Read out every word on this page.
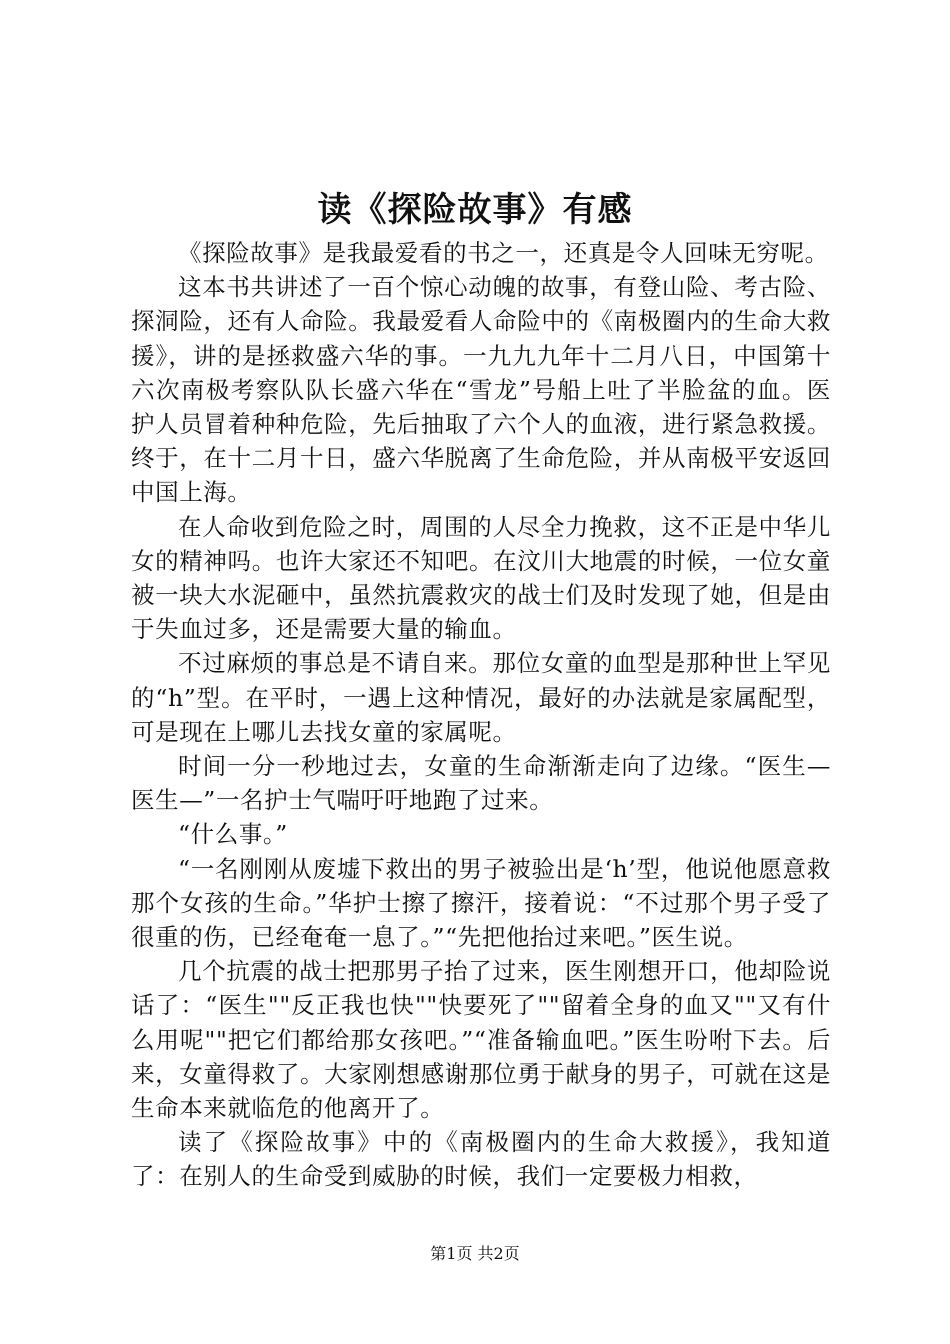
读《探险故事》有感

《探险故事》是我最爱看的书之一，还真是令人回味无穷呢。

这本书共讲述了一百个惊心动魄的故事，有登山险、考古险、探洞险，还有人命险。我最爱看人命险中的《南极圈内的生命大救援》，讲的是拯救盛六华的事。一九九九年十二月八日，中国第十六次南极考察队队长盛六华在“雪龙”号船上吐了半脸盆的血。医护人员冒着种种危险，先后抽取了六个人的血液，进行紧急救援。终于，在十二月十日，盛六华脱离了生命危险，并从南极平安返回中国上海。

在人命收到危险之时，周围的人尽全力挽救，这不正是中华儿女的精神吗。也许大家还不知吧。在汶川大地震的时候，一位女童被一块大水泥砸中，虽然抗震救灾的战士们及时发现了她，但是由于失血过多，还是需要大量的输血。

不过麻烦的事总是不请自来。那位女童的血型是那种世上罕见的“h”型。在平时，一遇上这种情况，最好的办法就是家属配型，可是现在上哪儿去找女童的家属呢。

时间一分一秒地过去，女童的生命渐渐走向了边缘。“医生—医生—”一名护士气喘吁吁地跑了过来。

“什么事。”

“一名刚刚从废墟下救出的男子被验出是‘h’型，他说他愿意救那个女孩的生命。”华护士擦了擦汗，接着说：“不过那个男子受了很重的伤，已经奄奄一息了。”“先把他抬过来吧。”医生说。

几个抗震的战士把那男子抬了过来，医生刚想开口，他却险说话了：“医生""反正我也快""快要死了""留着全身的血又""又有什么用呢""把它们都给那女孩吧。”“准备输血吧。”医生吩咐下去。后来，女童得救了。大家刚想感谢那位勇于献身的男子，可就在这是生命本来就临危的他离开了。

读了《探险故事》中的《南极圈内的生命大救援》，我知道了：在别人的生命受到威胁的时候，我们一定要极力相救，

第1页 共2页
